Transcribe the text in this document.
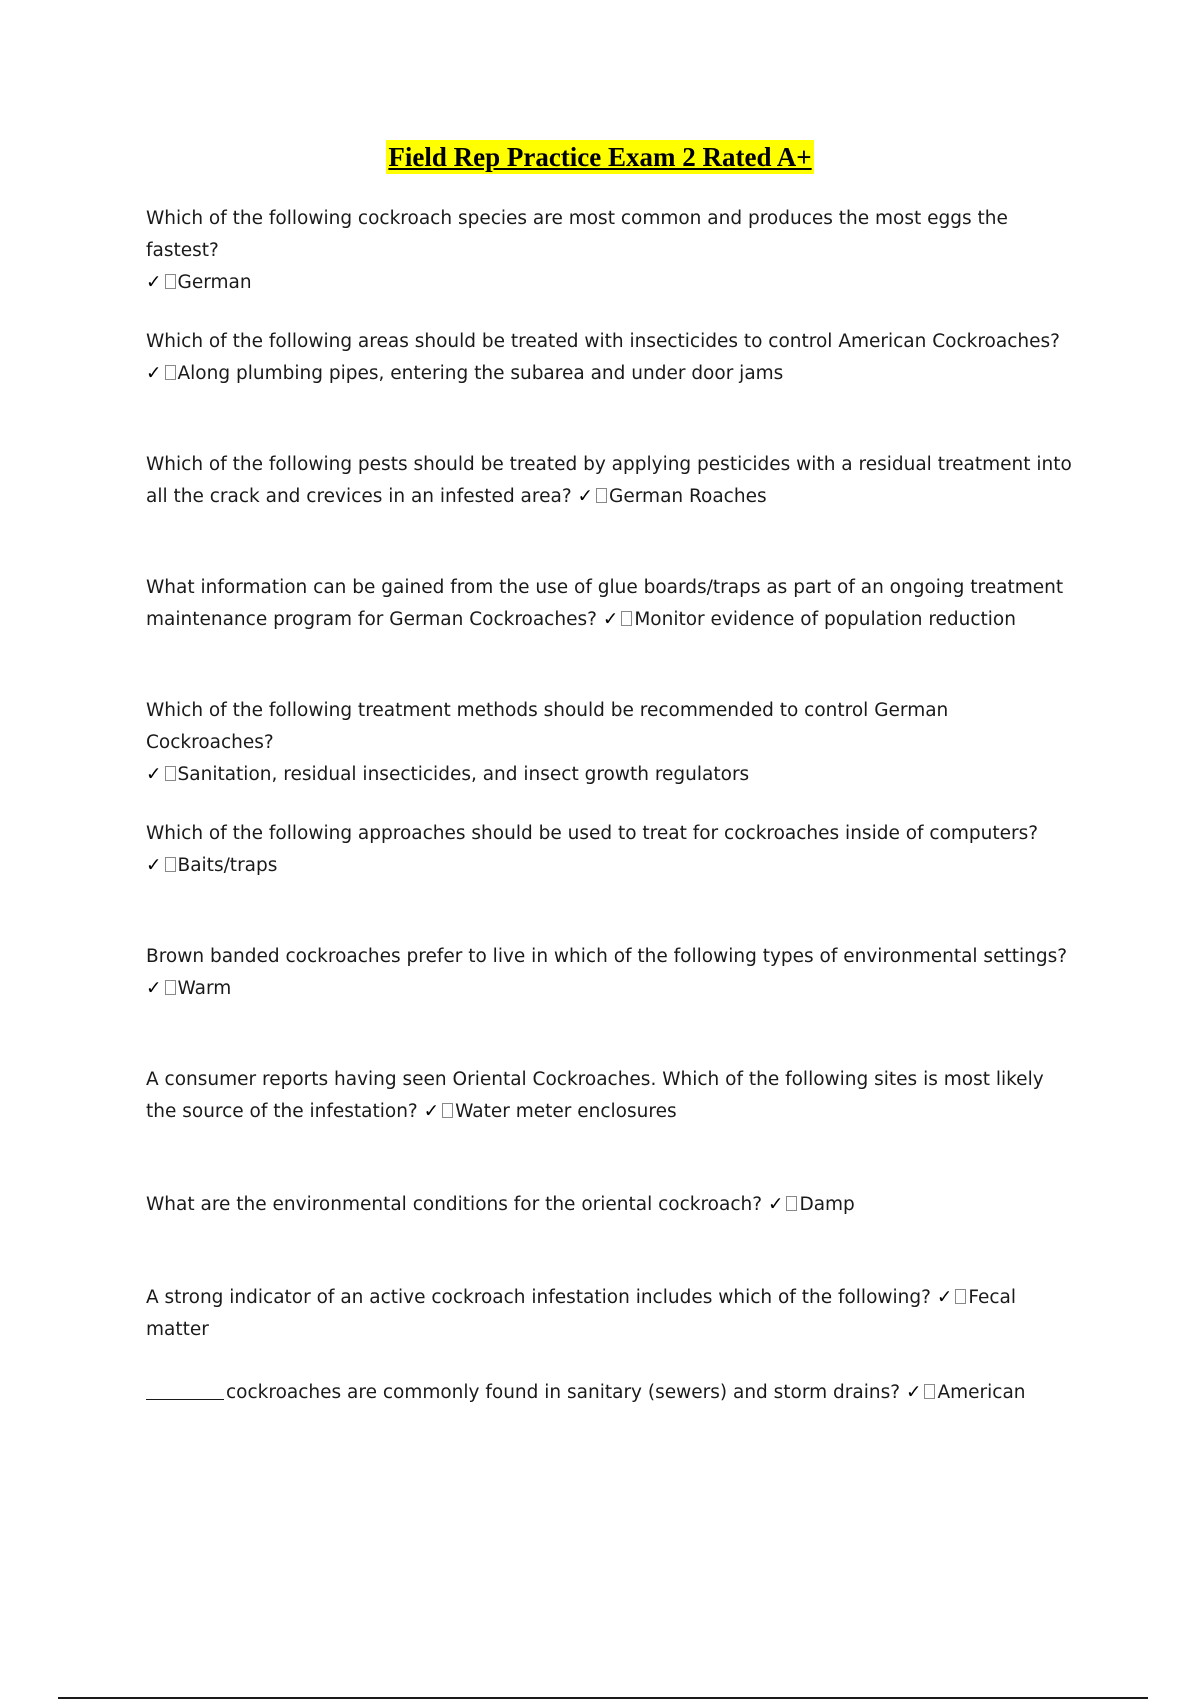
Field Rep Practice Exam 2 Rated A+
Which of the following cockroach species are most common and produces the most eggs the fastest?
✓ German
Which of the following areas should be treated with insecticides to control American Cockroaches?
✓ Along plumbing pipes, entering the subarea and under door jams
Which of the following pests should be treated by applying pesticides with a residual treatment into all the crack and crevices in an infested area? ✓ German Roaches
What information can be gained from the use of glue boards/traps as part of an ongoing treatment maintenance program for German Cockroaches? ✓ Monitor evidence of population reduction
Which of the following treatment methods should be recommended to control German Cockroaches?
✓ Sanitation, residual insecticides, and insect growth regulators
Which of the following approaches should be used to treat for cockroaches inside of computers?
✓ Baits/traps
Brown banded cockroaches prefer to live in which of the following types of environmental settings?
✓ Warm
A consumer reports having seen Oriental Cockroaches. Which of the following sites is most likely the source of the infestation? ✓ Water meter enclosures
What are the environmental conditions for the oriental cockroach? ✓ Damp
A strong indicator of an active cockroach infestation includes which of the following? ✓ Fecal matter
cockroaches are commonly found in sanitary (sewers) and storm drains? ✓ American
